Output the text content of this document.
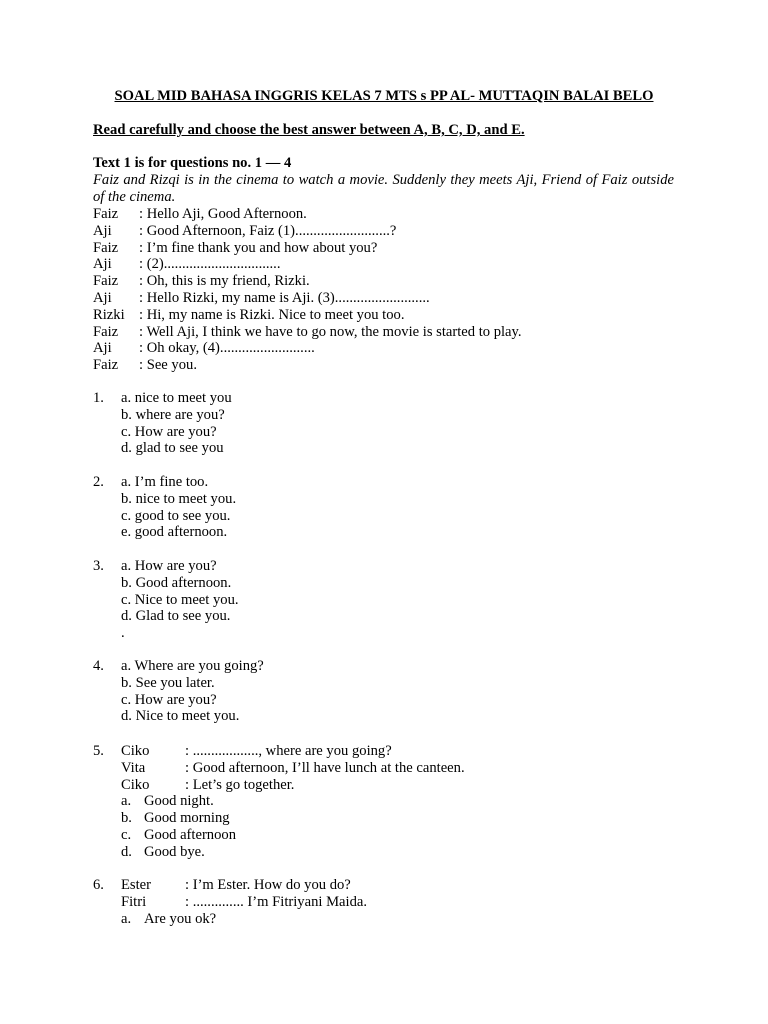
SOAL MID BAHASA INGGRIS KELAS 7 MTS s PP AL- MUTTAQIN BALAI BELO
Read carefully and choose the best answer between A, B, C, D, and E.
Text 1 is for questions no. 1 — 4
Faiz and Rizqi is in the cinema to watch a movie. Suddenly they meets Aji, Friend of Faiz outside of the cinema.
Faiz	: Hello Aji, Good Afternoon.
Aji	: Good Afternoon, Faiz (1)..........................?
Faiz	: I’m fine thank you and how about you?
Aji	: (2)................................
Faiz	: Oh, this is my friend, Rizki.
Aji	: Hello Rizki, my name is Aji. (3)..........................
Rizki : Hi, my name is Rizki. Nice to meet you too.
Faiz	: Well Aji, I think we have to go now, the movie is started to play.
Aji	: Oh okay, (4)..........................
Faiz	: See you.
1.	a. nice to meet you
b. where are you?
c. How are you?
d. glad to see you
2.	a. I’m fine too.
b. nice to meet you.
c. good to see you.
e. good afternoon.
3.	a. How are you?
b. Good afternoon.
c. Nice to meet you.
d. Glad to see you.
.
4.	a. Where are you going?
b. See you later.
c. How are you?
d. Nice to meet you.
5.	Ciko	: .................., where are you going?
Vita	: Good afternoon, I’ll have lunch at the canteen.
Ciko	: Let’s go together.
a. Good night.
b. Good morning
c. Good afternoon
d. Good bye.
6.	Ester	: I’m Ester. How do you do?
Fitri	: .............. I’m Fitriyani Maida.
a. Are you ok?
